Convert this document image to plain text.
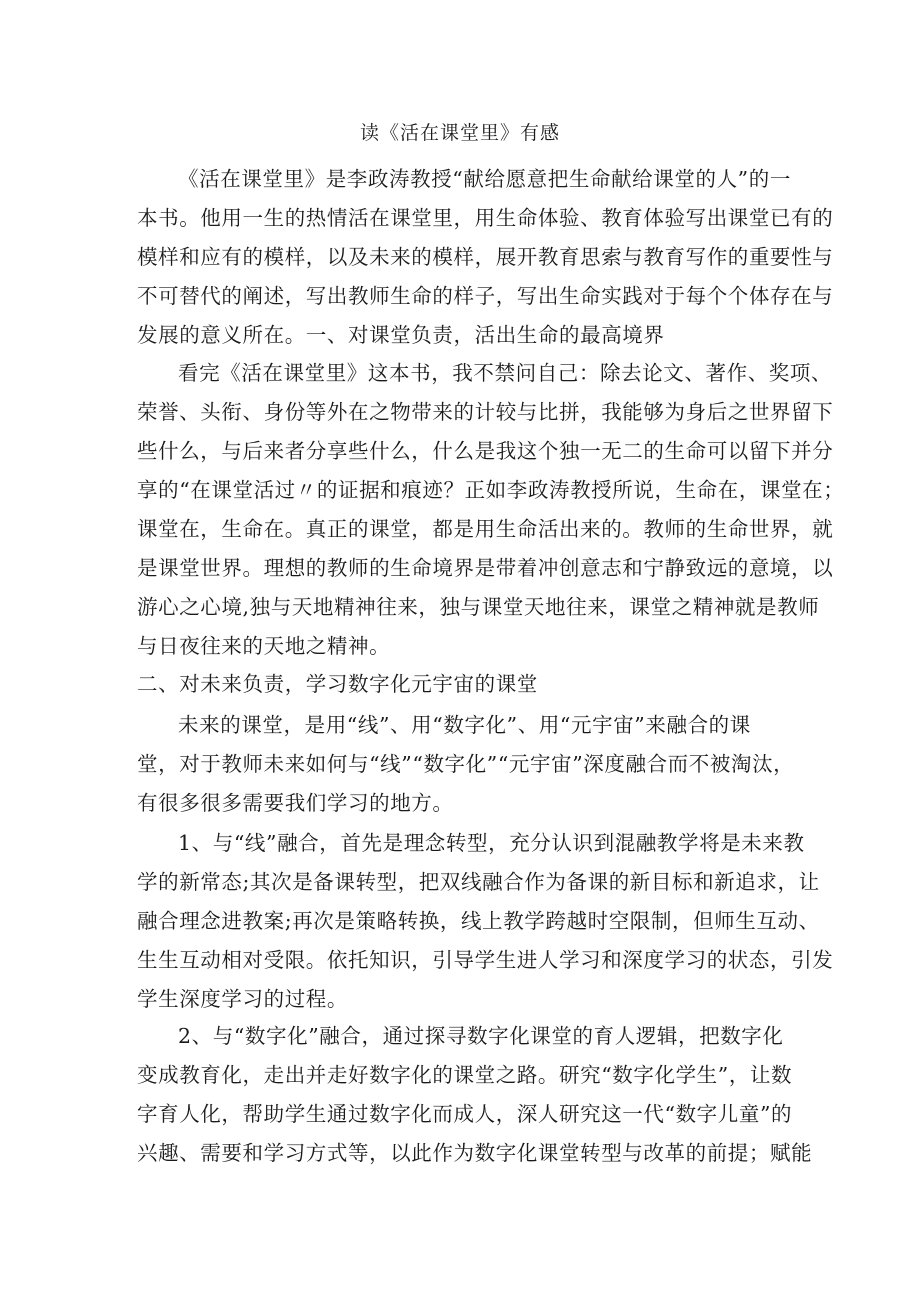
读《活在课堂里》有感
《活在课堂里》是李政涛教授“献给愿意把生命献给课堂的人”的一
本书。他用一生的热情活在课堂里，用生命体验、教育体验写出课堂已有的
模样和应有的模样，以及未来的模样，展开教育思索与教育写作的重要性与
不可替代的阐述，写出教师生命的样子，写出生命实践对于每个个体存在与
发展的意义所在。一、对课堂负责，活出生命的最高境界
看完《活在课堂里》这本书，我不禁问自己：除去论文、著作、奖项、
荣誉、头衔、身份等外在之物带来的计较与比拼，我能够为身后之世界留下
些什么，与后来者分享些什么，什么是我这个独一无二的生命可以留下并分
享的“在课堂活过〃的证据和痕迹？正如李政涛教授所说，生命在，课堂在；
课堂在，生命在。真正的课堂，都是用生命活出来的。教师的生命世界，就
是课堂世界。理想的教师的生命境界是带着冲创意志和宁静致远的意境，以
游心之心境,独与天地精神往来，独与课堂天地往来，课堂之精神就是教师
与日夜往来的天地之精神。
二、对未来负责，学习数字化元宇宙的课堂
未来的课堂，是用“线”、用“数字化”、用“元宇宙”来融合的课
堂，对于教师未来如何与“线”“数字化”“元宇宙”深度融合而不被淘汰，
有很多很多需要我们学习的地方。
1、与“线”融合，首先是理念转型，充分认识到混融教学将是未来教
学的新常态;其次是备课转型，把双线融合作为备课的新目标和新追求，让
融合理念进教案;再次是策略转换，线上教学跨越时空限制，但师生互动、
生生互动相对受限。依托知识，引导学生进人学习和深度学习的状态，引发
学生深度学习的过程。
2、与“数字化”融合，通过探寻数字化课堂的育人逻辑，把数字化
变成教育化，走出并走好数字化的课堂之路。研究“数字化学生”，让数
字育人化，帮助学生通过数字化而成人，深人研究这一代“数字儿童”的
兴趣、需要和学习方式等，以此作为数字化课堂转型与改革的前提；赋能
